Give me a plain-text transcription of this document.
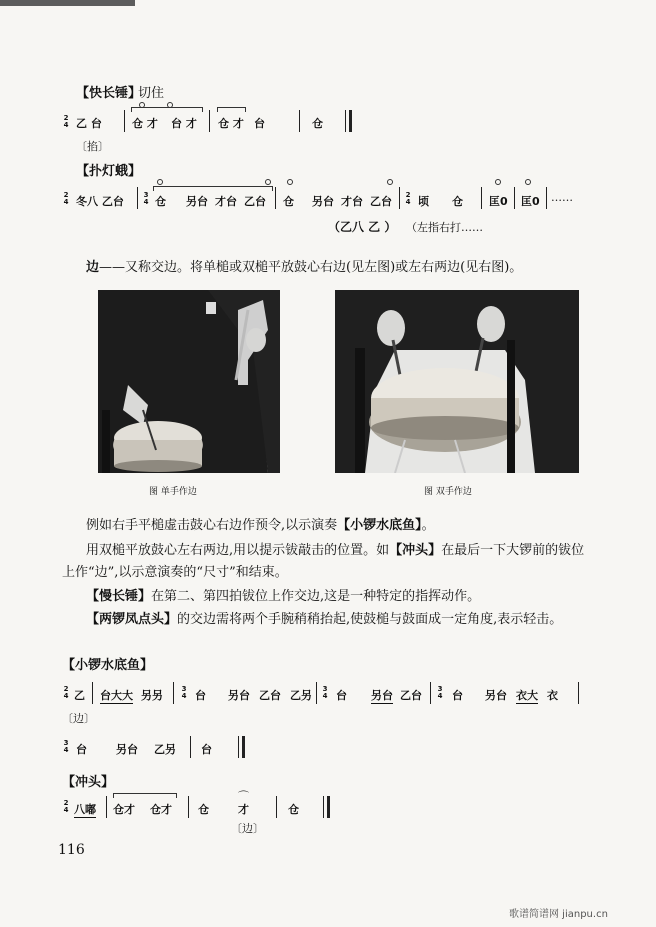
【快长锤】
切住
2
4 乙 台	仓 才 台 才 仓 才 台	仓
〔掐〕
【扑灯蛾】
2
4 冬八 乙台	3
4 仓 另台 才台 乙台 仓 另台 才台 乙台 2
4 顷 仓 匡0 匡0 ……
（乙八 乙 ） （左指右打……
边——又称交边。将单槌或双槌平放鼓心右边(见左图)或左右两边(见右图)。
图 单手作边	图 双手作边
例如右手平槌虚击鼓心右边作预令,以示演奏【小锣水底鱼】。
用双槌平放鼓心左右两边,用以提示钹敲击的位置。如【冲头】在最后一下大锣前的钹位
上作“边”,以示意演奏的“尺寸”和结束。
【慢长锤】在第二、第四拍钹位上作交边,这是一种特定的指挥动作。
【两锣凤点头】的交边需将两个手腕稍稍抬起,使鼓槌与鼓面成一定角度,表示轻击。
【小锣水底鱼】
2
4 乙 台大大 另另	3
4 台 另台 乙台 乙另 3
4 台 另台 乙台 3
4 台 另台 衣大 衣
〔边〕
3
4 台	另台 乙另 台
【冲头】
2
4 八嘟 仓才 仓才 仓
⌒
才	仓
〔边〕
116
歌谱简谱网 jianpu.cn
